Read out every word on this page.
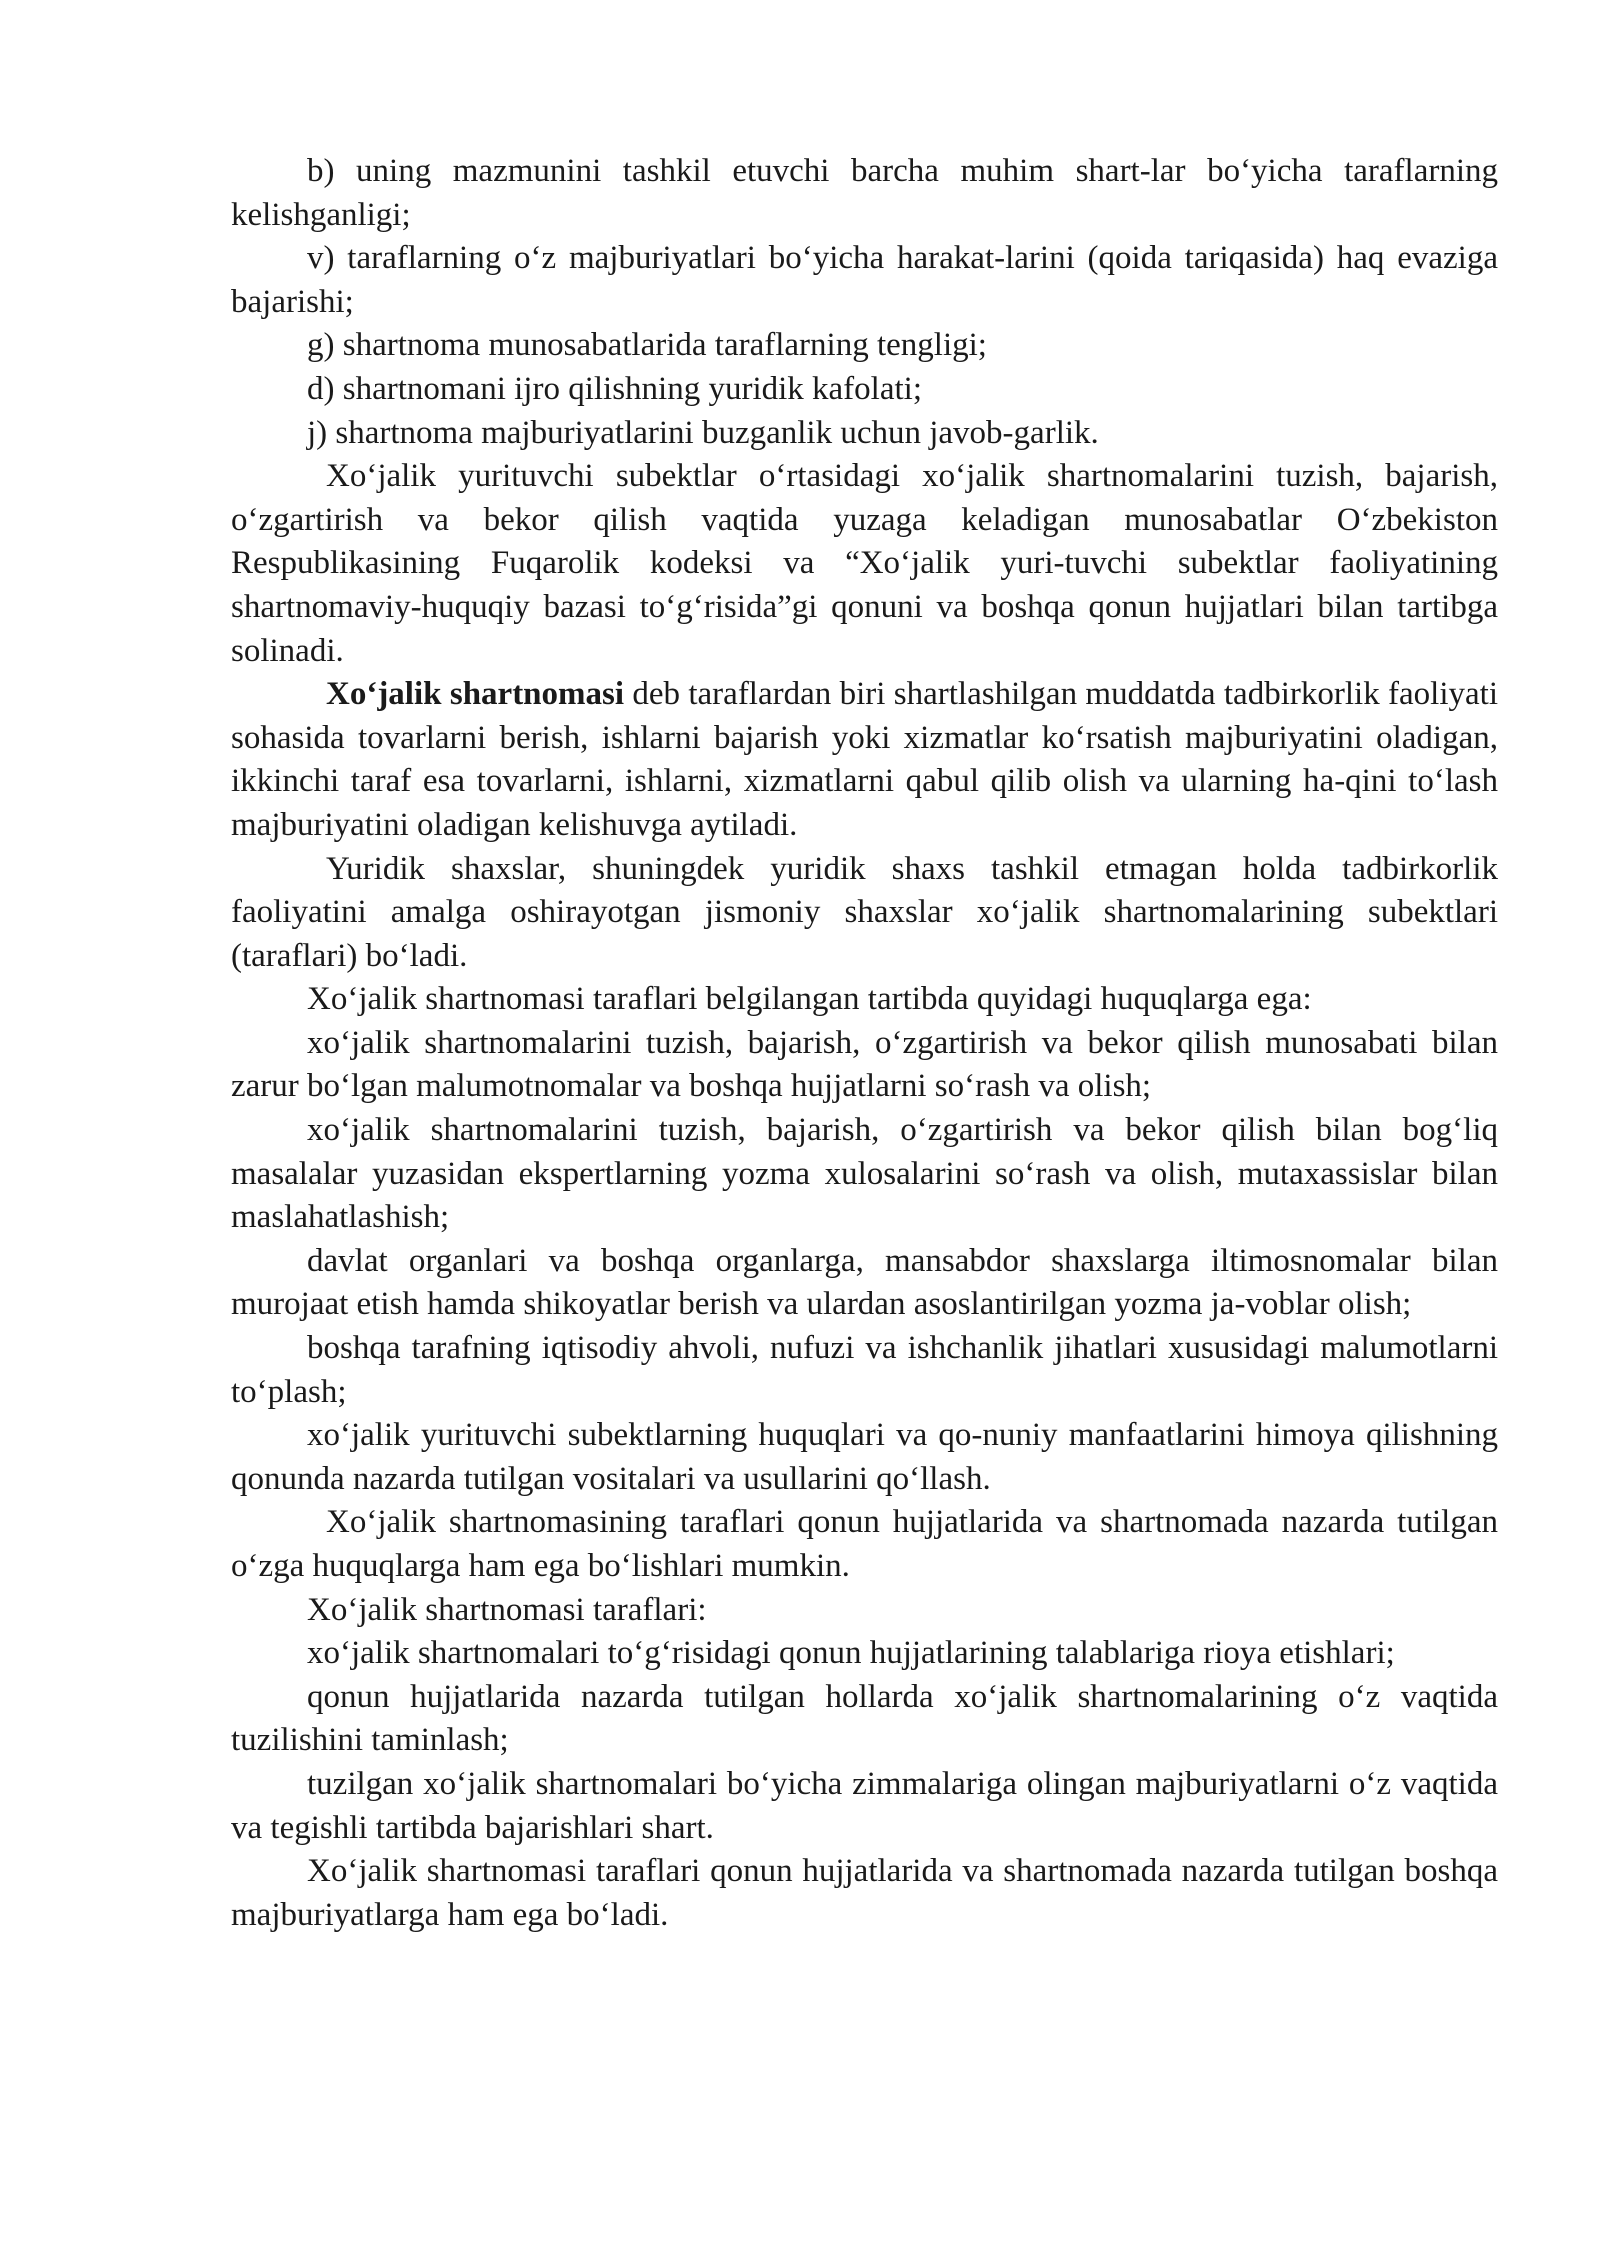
b) uning mazmunini tashkil etuvchi barcha muhim shart-lar bo‘yicha taraflarning kelishganligi;

v) taraflarning o‘z majburiyatlari bo‘yicha harakat-larini (qoida tariqasida) haq evaziga bajarishi;

g) shartnoma munosabatlarida taraflarning tengligi;

d) shartnomani ijro qilishning yuridik kafolati;

j) shartnoma majburiyatlarini buzganlik uchun javob-garlik.

Xo‘jalik yurituvchi subektlar o‘rtasidagi xo‘jalik shartnomalarini tuzish, bajarish, o‘zgartirish va bekor qilish vaqtida yuzaga keladigan munosabatlar O‘zbekiston Respublikasining Fuqarolik kodeksi va “Xo‘jalik yuri-tuvchi subektlar faoliyatining shartnomaviy-huquqiy bazasi to‘g‘risida”gi qonuni va boshqa qonun hujjatlari bilan tartibga solinadi.

Xo‘jalik shartnomasi deb taraflardan biri shartlashilgan muddatda tadbirkorlik faoliyati sohasida tovarlarni berish, ishlarni bajarish yoki xizmatlar ko‘rsatish majburiyatini oladigan, ikkinchi taraf esa tovarlarni, ishlarni, xizmatlarni qabul qilib olish va ularning ha-qini to‘lash majburiyatini oladigan kelishuvga aytiladi.

Yuridik shaxslar, shuningdek yuridik shaxs tashkil etmagan holda tadbirkorlik faoliyatini amalga oshirayotgan jismoniy shaxslar xo‘jalik shartnomalarining subektlari (taraflari) bo‘ladi.

Xo‘jalik shartnomasi taraflari belgilangan tartibda quyidagi huquqlarga ega:

xo‘jalik shartnomalarini tuzish, bajarish, o‘zgartirish va bekor qilish munosabati bilan zarur bo‘lgan malumotnomalar va boshqa hujjatlarni so‘rash va olish;

xo‘jalik shartnomalarini tuzish, bajarish, o‘zgartirish va bekor qilish bilan bog‘liq masalalar yuzasidan ekspertlarning yozma xulosalarini so‘rash va olish, mutaxassislar bilan maslahatlashish;

davlat organlari va boshqa organlarga, mansabdor shaxslarga iltimosnomalar bilan murojaat etish hamda shikoyatlar berish va ulardan asoslantirilgan yozma ja-voblar olish;

boshqa tarafning iqtisodiy ahvoli, nufuzi va ishchanlik jihatlari xususidagi malumotlarni to‘plash;

xo‘jalik yurituvchi subektlarning huquqlari va qo-nuniy manfaatlarini himoya qilishning qonunda nazarda tutilgan vositalari va usullarini qo‘llash.

Xo‘jalik shartnomasining taraflari qonun hujjatlarida va shartnomada nazarda tutilgan o‘zga huquqlarga ham ega bo‘lishlari mumkin.

Xo‘jalik shartnomasi taraflari:

xo‘jalik shartnomalari to‘g‘risidagi qonun hujjatlarining talablariga rioya etishlari;

qonun hujjatlarida nazarda tutilgan hollarda xo‘jalik shartnomalarining o‘z vaqtida tuzilishini taminlash;

tuzilgan xo‘jalik shartnomalari bo‘yicha zimmalariga olingan majburiyatlarni o‘z vaqtida va tegishli tartibda bajarishlari shart.

Xo‘jalik shartnomasi taraflari qonun hujjatlarida va shartnomada nazarda tutilgan boshqa majburiyatlarga ham ega bo‘ladi.
